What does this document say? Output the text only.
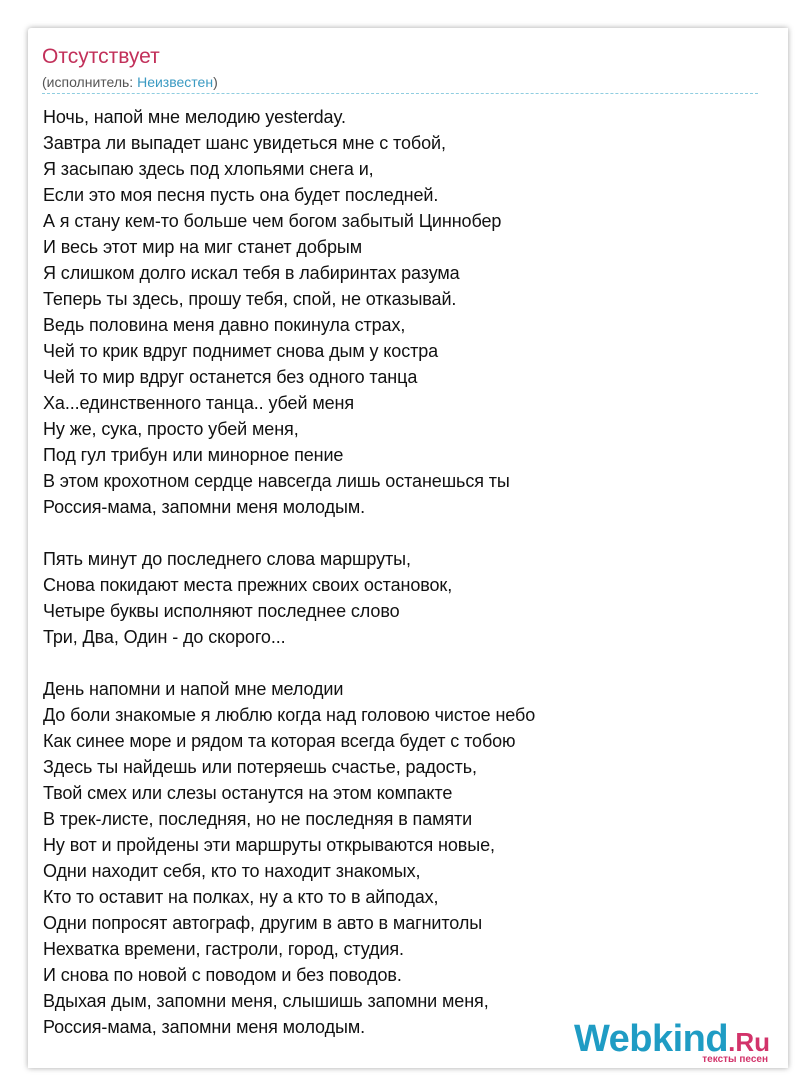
Отсутствует
(исполнитель: Неизвестен)
Ночь, напой мне мелодию yesterday.
Завтра ли выпадет шанс увидеться мне с тобой,
Я засыпаю здесь под хлопьями снега и,
Если это моя песня пусть она будет последней.
А я стану кем-то больше чем богом забытый Циннобер
И весь этот мир на миг станет добрым
Я слишком долго искал тебя в лабиринтах разума
Теперь ты здесь, прошу тебя, спой, не отказывай.
Ведь половина меня давно покинула страх,
Чей то крик вдруг поднимет снова дым у костра
Чей то мир вдруг останется без одного танца
Ха...единственного танца.. убей меня
Ну же, сука, просто убей меня,
Под гул трибун или минорное пение
В этом крохотном сердце навсегда лишь останешься ты
Россия-мама, запомни меня молодым.
Пять минут до последнего слова маршруты,
Снова покидают места прежних своих остановок,
Четыре буквы исполняют последнее слово
Три, Два, Один - до скорого...
День напомни и напой мне мелодии
До боли знакомые я люблю когда над головою чистое небо
Как синее море и рядом та которая всегда будет с тобою
Здесь ты найдешь или потеряешь счастье, радость,
Твой смех или слезы останутся на этом компакте
В трек-листе, последняя, но не последняя в памяти
Ну вот и пройдены эти маршруты открываются новые,
Одни находит себя, кто то находит знакомых,
Кто то оставит на полках, ну а кто то в айподах,
Одни попросят автограф, другим в авто в магнитолы
Нехватка времени, гастроли, город, студия.
И снова по новой с поводом и без поводов.
Вдыхая дым, запомни меня, слышишь запомни меня,
Россия-мама, запомни меня молодым.	Webkind.Ru
тексты песен
